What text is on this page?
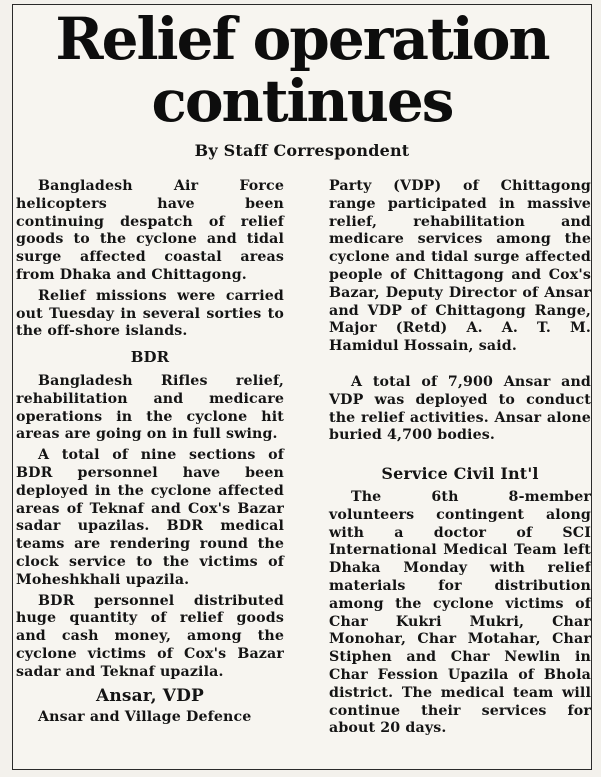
Relief operation
continues
By Staff Correspondent

Bangladesh Air Force helicopters have been continuing despatch of relief goods to the cyclone and tidal surge affected coastal areas from Dhaka and Chittagong.

Relief missions were carried out Tuesday in several sorties to the off-shore islands.

BDR

Bangladesh Rifles relief, rehabilitation and medicare operations in the cyclone hit areas are going on in full swing.

A total of nine sections of BDR personnel have been deployed in the cyclone affected areas of Teknaf and Cox's Bazar sadar upazilas. BDR medical teams are rendering round the clock service to the victims of Moheshkhali upazila.

BDR personnel distributed huge quantity of relief goods and cash money, among the cyclone victims of Cox's Bazar sadar and Teknaf upazila.

Ansar, VDP

Ansar and Village Defence

Party (VDP) of Chittagong range participated in massive relief, rehabilitation and medicare services among the cyclone and tidal surge affected people of Chittagong and Cox's Bazar, Deputy Director of Ansar and VDP of Chittagong Range, Major (Retd) A. A. T. M. Hamidul Hossain, said.

A total of 7,900 Ansar and VDP was deployed to conduct the relief activities. Ansar alone buried 4,700 bodies.

Service Civil Int'l

The 6th 8-member volunteers contingent along with a doctor of SCI International Medical Team left Dhaka Monday with relief materials for distribution among the cyclone victims of Char Kukri Mukri, Char Monohar, Char Motahar, Char Stiphen and Char Newlin in Char Fession Upazila of Bhola district. The medical team will continue their services for about 20 days.
